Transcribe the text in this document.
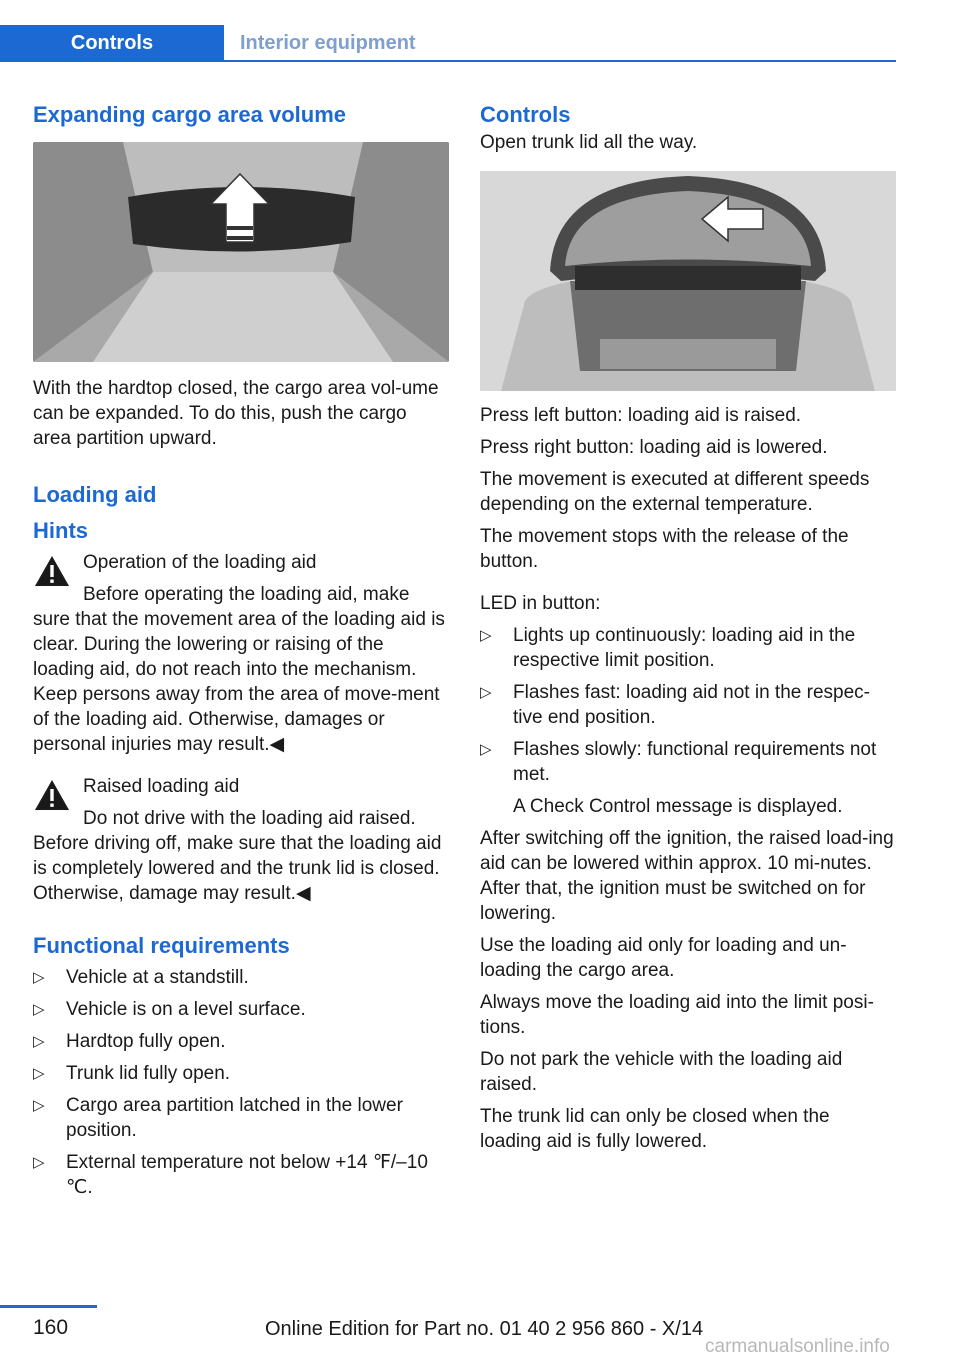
Controls	Interior equipment
Expanding cargo area volume

With the hardtop closed, the cargo area vol‐ume can be expanded. To do this, push the cargo area partition upward.

Loading aid
Hints

Operation of the loading aid

Before operating the loading aid, make sure that the movement area of the loading aid is clear. During the lowering or raising of the loading aid, do not reach into the mechanism. Keep persons away from the area of move‐ment of the loading aid. Otherwise, damages or personal injuries may result.◀

Raised loading aid

Do not drive with the loading aid raised. Before driving off, make sure that the loading aid is completely lowered and the trunk lid is closed. Otherwise, damage may result.◀

Functional requirements
▷ Vehicle at a standstill.
▷ Vehicle is on a level surface.
▷ Hardtop fully open.
▷ Trunk lid fully open.
▷ Cargo area partition latched in the lower position.
▷ External temperature not below +14 ℉/–10 ℃.
Controls

Open trunk lid all the way.

Press left button: loading aid is raised.

Press right button: loading aid is lowered.

The movement is executed at different speeds depending on the external temperature.

The movement stops with the release of the button.

LED in button:

▷ Lights up continuously: loading aid in the respective limit position.
▷ Flashes fast: loading aid not in the respec‐tive end position.
▷ Flashes slowly: functional requirements not met.
A Check Control message is displayed.

After switching off the ignition, the raised load‐ing aid can be lowered within approx. 10 mi‐nutes. After that, the ignition must be switched on for lowering.

Use the loading aid only for loading and un‐loading the cargo area.

Always move the loading aid into the limit posi‐tions.

Do not park the vehicle with the loading aid raised.

The trunk lid can only be closed when the loading aid is fully lowered.

160	Online Edition for Part no. 01 40 2 956 860 - X/14
carmanualsonline.info
